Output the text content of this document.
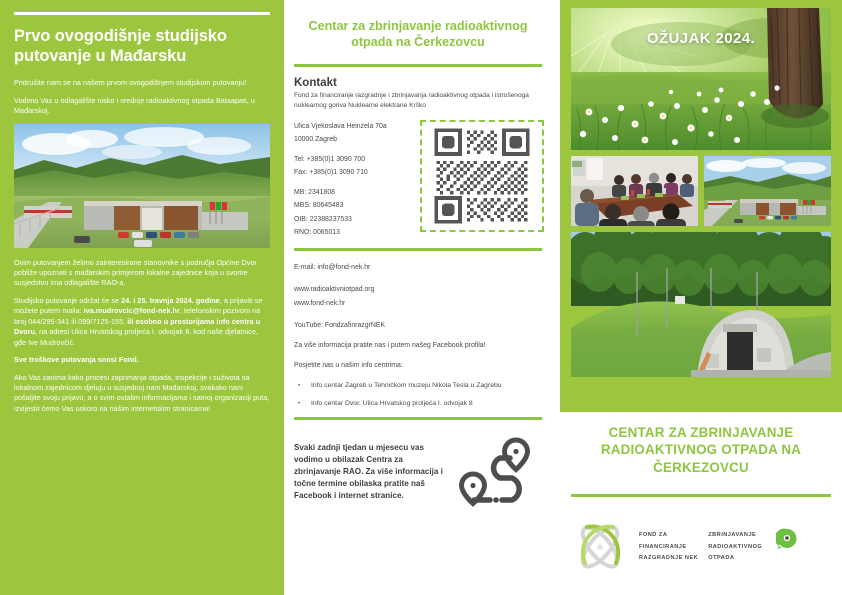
Prvo ovogodišnje studijsko putovanje u Mađarsku
Pridružite nam se na našem prvom ovogodišnjem studijskom putovanju!
Vodimo Vas u odlagalište nisko i srednje radioaktivnog otpada Bataapati, u Mađarskoj.
Ovim putovanjem želimo zainteresirane stanovnike s područja Općine Dvor pobliže upoznati s mađarskim primjerom lokalne zajednice koja u svome susjedstvu ima odlagalište RAO-a.
Studijsko putovanje održat će se 24. i 25. travnja 2024. godine, a prijaviti se možete putem maila: iva.mudrovcic@fond-nek.hr, telefonskim pozivom na broj 044/295-341 ili 099/7125-155, ili osobno u prostorijama info centra u Dvoru, na adresi Ulica Hrvatskog proljeća I. odvojak 8, kod naše djelatnice, gđe Ive Mudrovčić.
Sve troškove putovanja snosi Fond.
Ako Vas zanima kako procesi zaprimanja otpada, inspekcije i suživota sa lokalnom zajednicom djeluju u susjednoj nam Mađarskoj, svakako nam pošaljite svoju prijavu, a o svim ostalim informacijama i samoj organizaciji puta, izvijestit ćemo Vas uskoro na našim internetskim stranicama!
Centar za zbrinjavanje radioaktivnog otpada na Čerkezovcu
Kontakt
Fond za financiranje razgradnje i zbrinjavanja radioaktivnog otpada i istrošenoga nuklearnog goriva Nuklearne elektrane Krško
Ulica Vjekoslava Heinzela 70a
10000 Zagreb
Tel: +385(0)1 3090 700
Fax: +385(0)1 3090 710
MB: 2341808
MBS: 80645483
OIB: 22388237533
RNO: 0065013
E-mail: info@fond-nek.hr
www.radioaktivniotpad.org
www.fond-nek.hr
YouTube: FondzafinrazgrNEK
Za više informacija pratite nas i putem našeg Facebook profila!
Posjetite nas u našim info centrima:
•	Info centar Zagreb u Tehničkom muzeju Nikola Tesla u Zagrebu
•	Info centar Dvor, Ulica Hrvatskog proljeća I. odvojak 8
Svaki zadnji tjedan u mjesecu vas vodimo u obilazak Centra za zbrinjavanje RAO. Za više informacija i točne termine obilaska pratite naš Facebook i internet stranice.
OŽUJAK 2024.
CENTAR ZA ZBRINJAVANJE RADIOAKTIVNOG OTPADA NA ČERKEZOVCU
FOND ZA
FINANCIRANJE
RAZGRADNJE NEK
ZBRINJAVANJE
RADIOAKTIVNOG
OTPADA
